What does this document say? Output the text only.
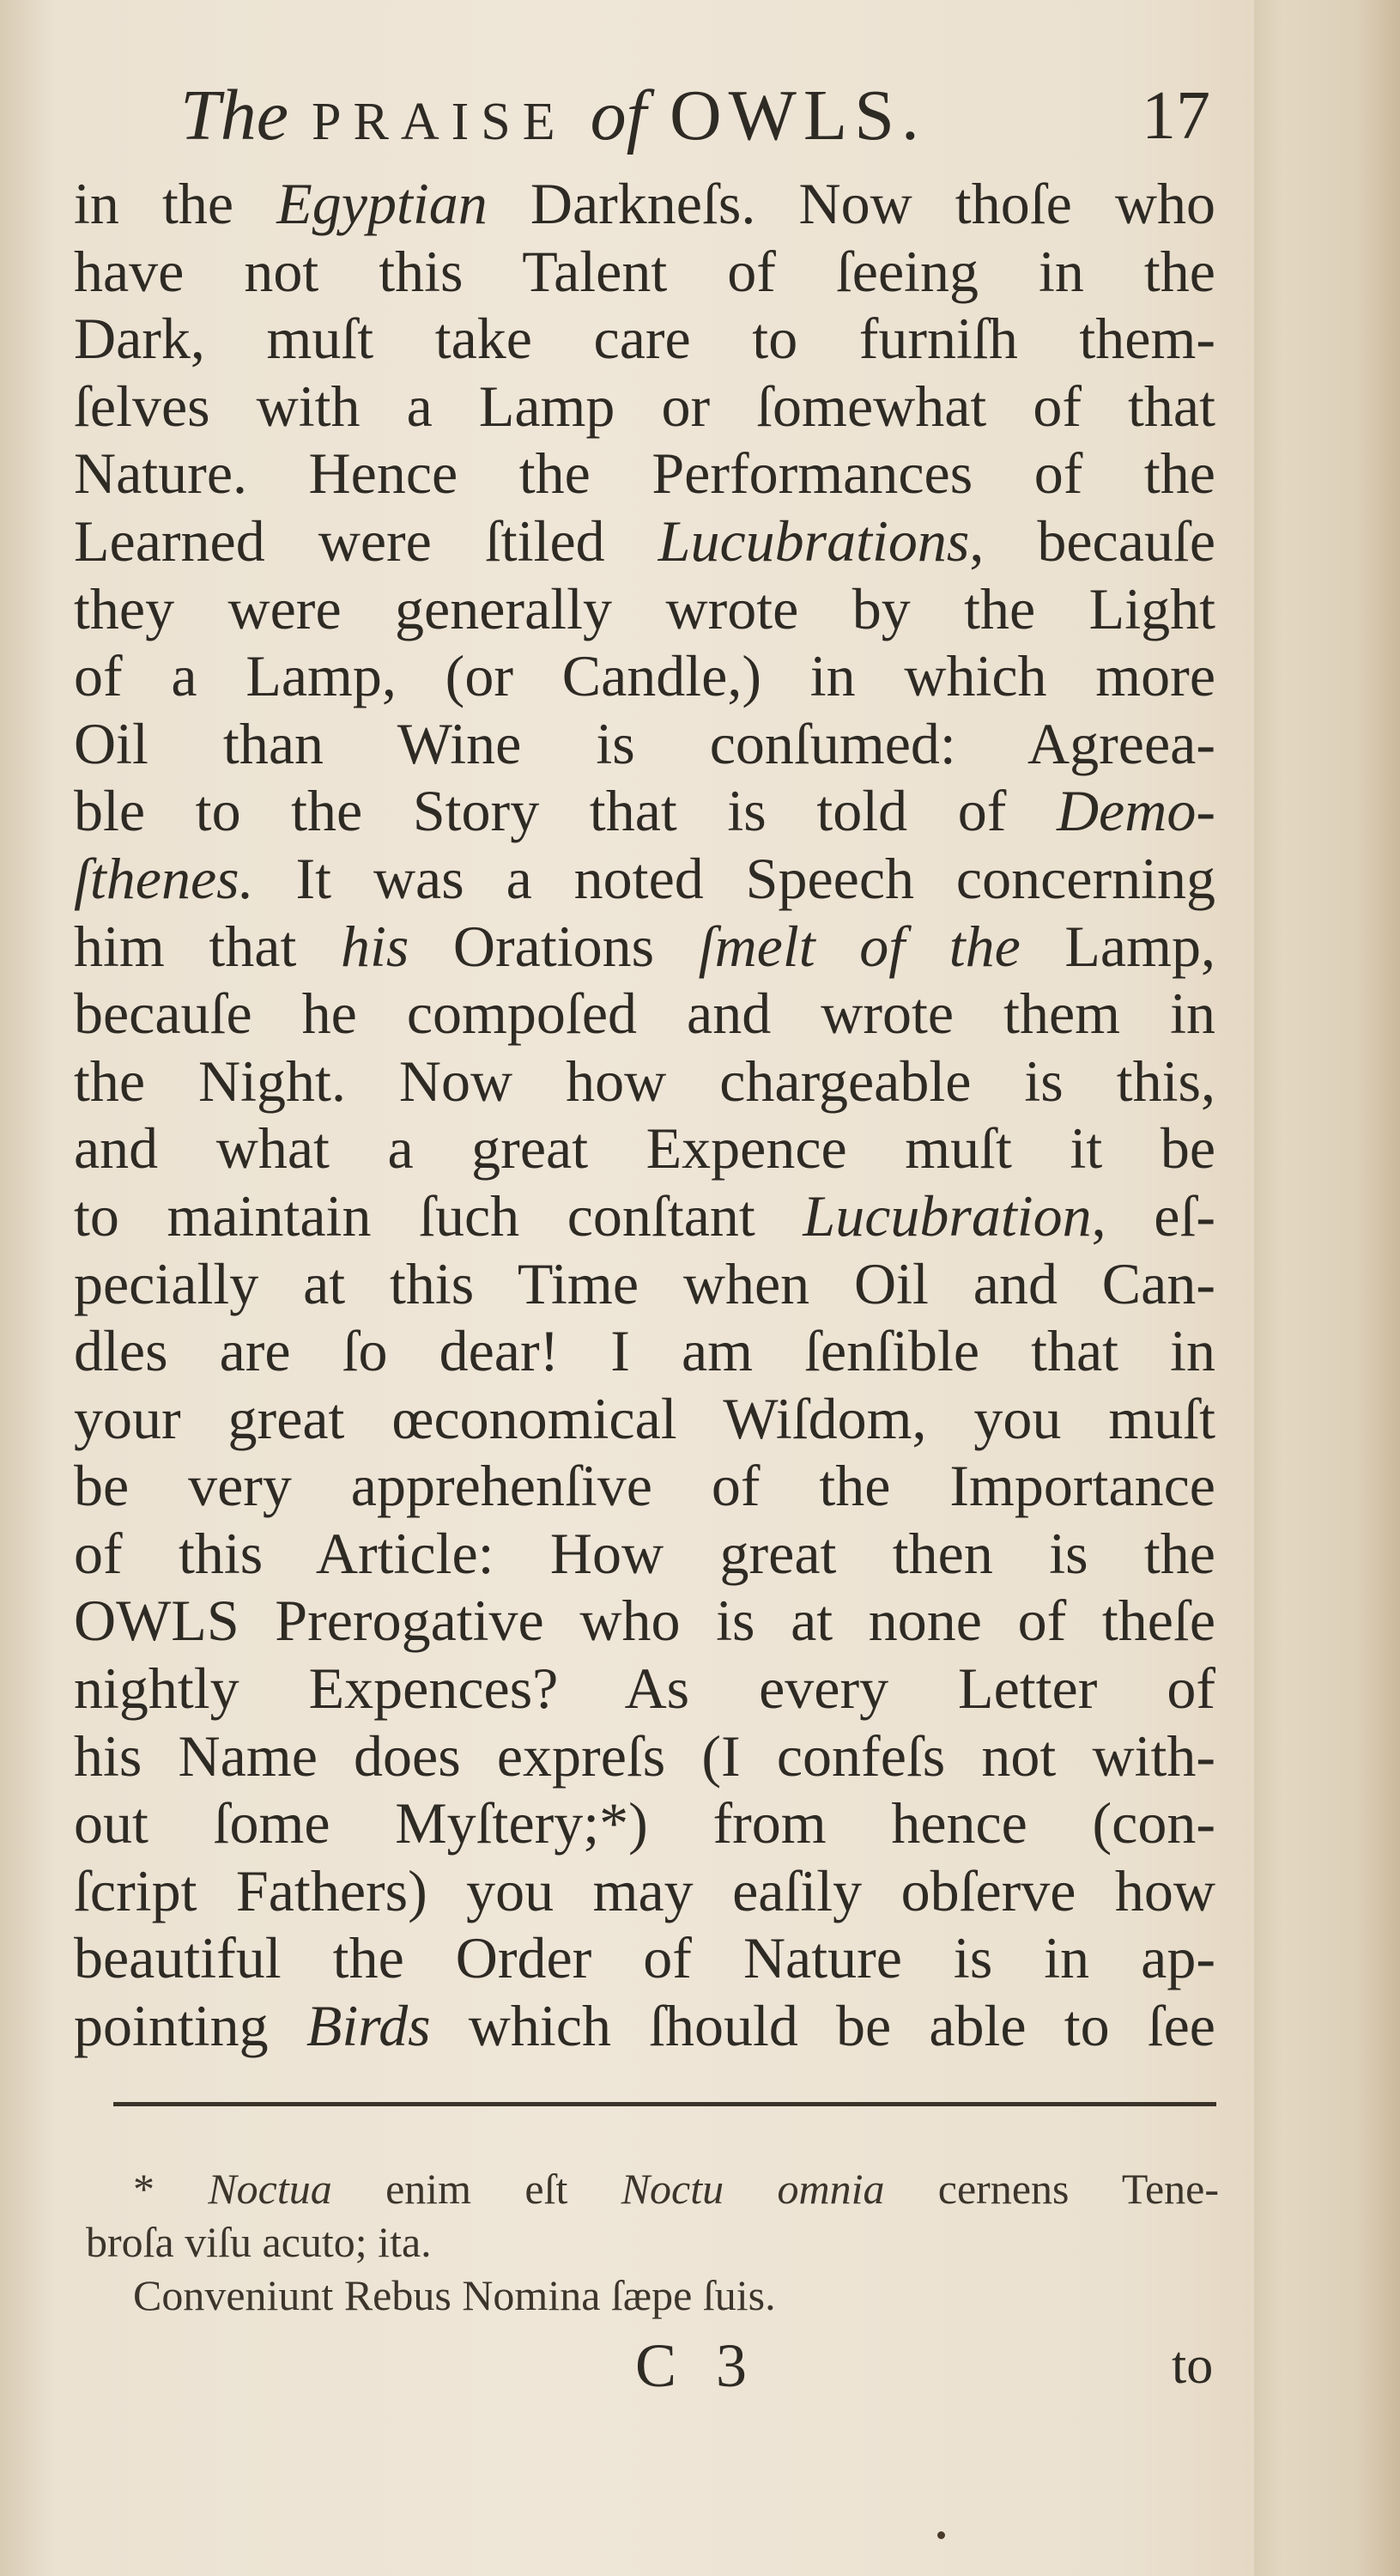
The PRAISE of OWLS.	17
in the Egyptian Darkneſs. Now thoſe who
have not this Talent of ſeeing in the
Dark, muſt take care to furniſh them-
ſelves with a Lamp or ſomewhat of that
Nature. Hence the Performances of the
Learned were ſtiled Lucubrations, becauſe
they were generally wrote by the Light
of a Lamp, (or Candle,) in which more
Oil than Wine is conſumed: Agreea-
ble to the Story that is told of Demo-
ſthenes. It was a noted Speech concerning
him that his Orations ſmelt of the Lamp,
becauſe he compoſed and wrote them in
the Night. Now how chargeable is this,
and what a great Expence muſt it be
to maintain ſuch conſtant Lucubration, eſ-
pecially at this Time when Oil and Can-
dles are ſo dear! I am ſenſible that in
your great œconomical Wiſdom, you muſt
be very apprehenſive of the Importance
of this Article: How great then is the
OWLS Prerogative who is at none of theſe
nightly Expences? As every Letter of
his Name does expreſs (I confeſs not with-
out ſome Myſtery;*) from hence (con-
ſcript Fathers) you may eaſily obſerve how
beautiful the Order of Nature is in ap-
pointing Birds which ſhould be able to ſee
* Noctua enim eſt Noctu omnia cernens Tene-
broſa viſu acuto; ita.
Conveniunt Rebus Nomina ſæpe ſuis.
C 3	to
